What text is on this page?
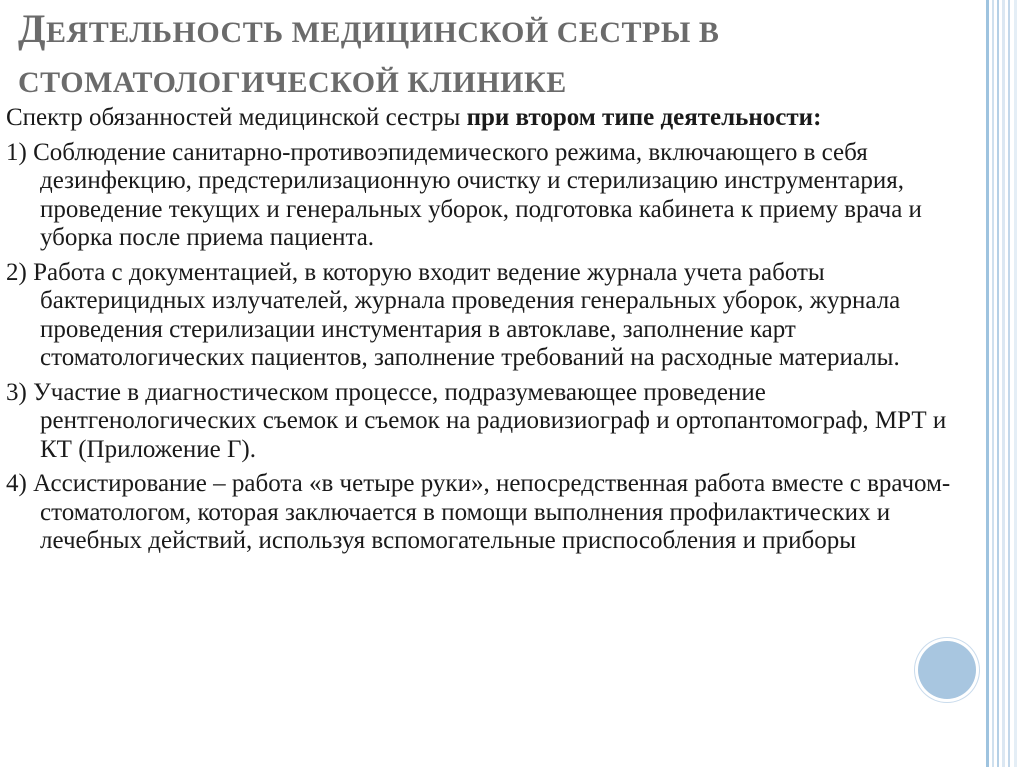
ДЕЯТЕЛЬНОСТЬ МЕДИЦИНСКОЙ СЕСТРЫ В
СТОМАТОЛОГИЧЕСКОЙ КЛИНИКЕ

Спектр обязанностей медицинской сестры при втором типе деятельности:

1) Соблюдение санитарно-противоэпидемического режима, включающего в себя дезинфекцию, предстерилизационную очистку и стерилизацию инструментария, проведение текущих и генеральных уборок, подготовка кабинета к приему врача и уборка после приема пациента.

2) Работа с документацией, в которую входит ведение журнала учета работы бактерицидных излучателей, журнала проведения генеральных уборок, журнала проведения стерилизации инстументария в автоклаве, заполнение карт стоматологических пациентов, заполнение требований на расходные материалы.

3) Участие в диагностическом процессе, подразумевающее проведение рентгенологических съемок и съемок на радиовизиограф и ортопантомограф, МРТ и КТ (Приложение Г).

4) Ассистирование – работа «в четыре руки», непосредственная работа вместе с врачом-стоматологом, которая заключается в помощи выполнения профилактических и лечебных действий, используя вспомогательные приспособления и приборы
